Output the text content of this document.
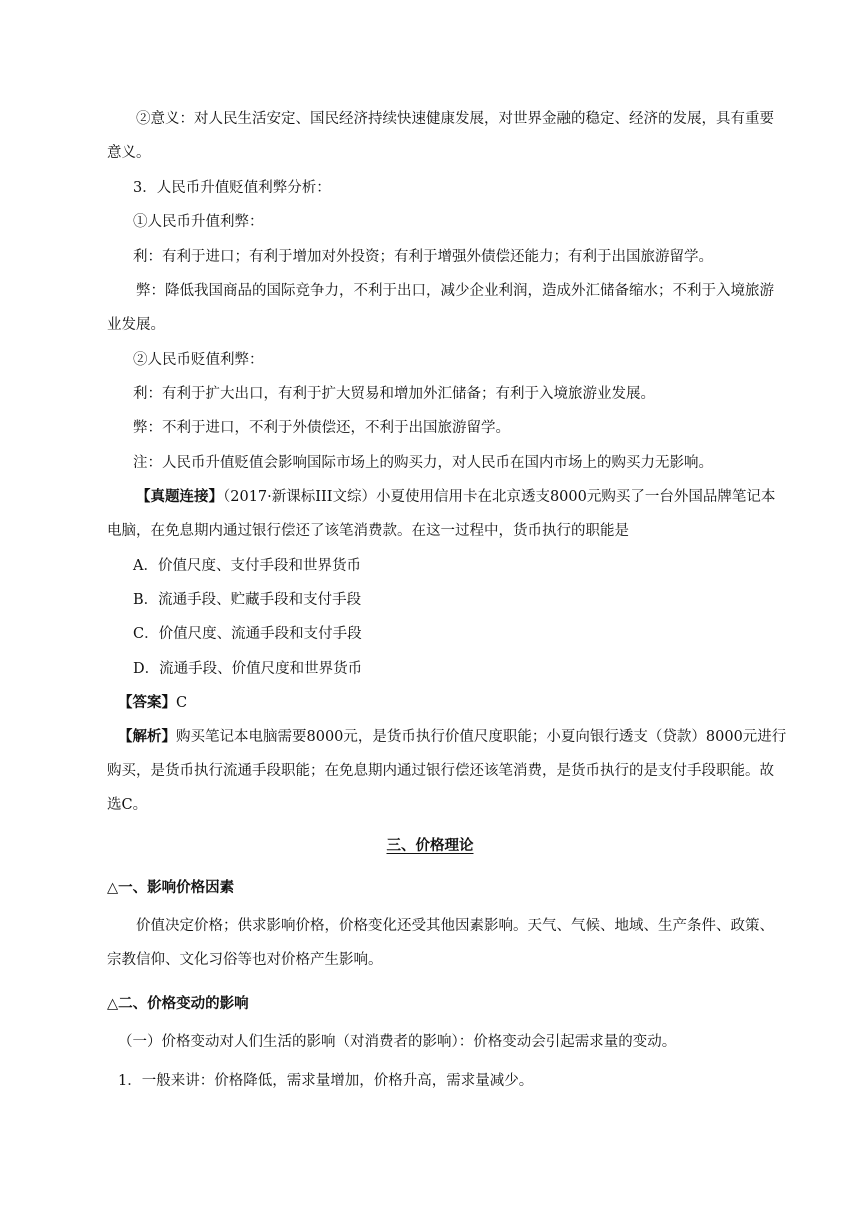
②意义：对人民生活安定、国民经济持续快速健康发展，对世界金融的稳定、经济的发展，具有重要意义。

3．人民币升值贬值利弊分析：

①人民币升值利弊：

利：有利于进口；有利于增加对外投资；有利于增强外债偿还能力；有利于出国旅游留学。

弊：降低我国商品的国际竞争力，不利于出口，减少企业利润，造成外汇储备缩水；不利于入境旅游业发展。

②人民币贬值利弊：

利：有利于扩大出口，有利于扩大贸易和增加外汇储备；有利于入境旅游业发展。

弊：不利于进口，不利于外债偿还，不利于出国旅游留学。

注：人民币升值贬值会影响国际市场上的购买力，对人民币在国内市场上的购买力无影响。

【真题连接】（2017·新课标III文综）小夏使用信用卡在北京透支8000元购买了一台外国品牌笔记本电脑，在免息期内通过银行偿还了该笔消费款。在这一过程中，货币执行的职能是

A．价值尺度、支付手段和世界货币

B．流通手段、贮藏手段和支付手段

C．价值尺度、流通手段和支付手段

D．流通手段、价值尺度和世界货币

【答案】C

【解析】购买笔记本电脑需要8000元，是货币执行价值尺度职能；小夏向银行透支（贷款）8000元进行购买，是货币执行流通手段职能；在免息期内通过银行偿还该笔消费，是货币执行的是支付手段职能。故选C。

三、价格理论
△一、影响价格因素

价值决定价格；供求影响价格，价格变化还受其他因素影响。天气、气候、地域、生产条件、政策、宗教信仰、文化习俗等也对价格产生影响。

△二、价格变动的影响

（一）价格变动对人们生活的影响（对消费者的影响）：价格变动会引起需求量的变动。

1．一般来讲：价格降低，需求量增加，价格升高，需求量减少。
